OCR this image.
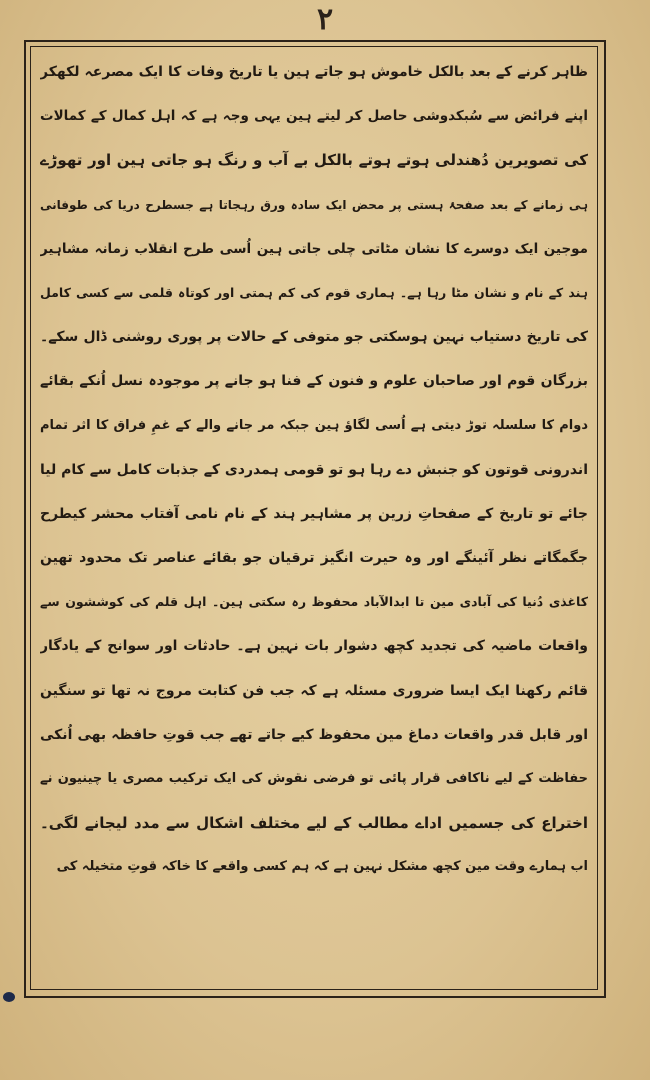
۲
ظاہر کرنے کے بعد بالکل خاموش ہو جاتے ہین یا تاریخ وفات کا ایک مصرعہ لکھکر
اپنے فرائض سے سُبکدوشی حاصل کر لیتے ہین یہی وجہ ہے کہ اہل کمال کے کمالات
کی تصویرین دُھندلی ہوتے ہوتے بالکل بے آب و رنگ ہو جاتی ہین اور تھوڑے
ہی زمانے کے بعد صفحۂ ہستی پر محض ایک سادہ ورق رہجاتا ہے جسطرح دریا کی طوفانی
موجین ایک دوسرے کا نشان مٹاتی چلی جاتی ہین اُسی طرح انقلاب زمانہ مشاہیر
ہند کے نام و نشان مٹا رہا ہے۔ ہماری قوم کی کم ہمتی اور کوتاہ قلمی سے کسی کامل
کی تاریخ دستیاب نہین ہوسکتی جو متوفی کے حالات پر پوری روشنی ڈال سکے۔
بزرگان قوم اور صاحبان علوم و فنون کے فنا ہو جانے پر موجودہ نسل اُنکے بقائے
دوام کا سلسلہ توڑ دیتی ہے اُسی لگاؤ ہین جبکہ مر جانے والے کے غمِ فراق کا اثر تمام
اندرونی قوتون کو جنبش دے رہا ہو تو قومی ہمدردی کے جذبات کامل سے کام لیا
جائے تو تاریخ کے صفحاتِ زرین پر مشاہیر ہند کے نام نامی آفتاب محشر کیطرح
جگمگاتے نظر آئینگے اور وہ حیرت انگیز ترقیان جو بقائے عناصر تک محدود تھین
کاغذی دُنیا کی آبادی مین تا ابدالآباد محفوظ رہ سکتی ہین۔ اہل قلم کی کوششون سے
واقعات ماضیہ کی تجدید کچھ دشوار بات نہین ہے۔ حادثات اور سوانح کے یادگار
قائم رکھنا ایک ایسا ضروری مسئلہ ہے کہ جب فن کتابت مروج نہ تھا تو سنگین
اور قابل قدر واقعات دماغ مین محفوظ کیے جاتے تھے جب قوتِ حافظہ بھی اُنکی
حفاظت کے لیے ناکافی قرار پائی تو فرضی نقوش کی ایک ترکیب مصری یا چینیون نے
اختراع کی جسمیں اداے مطالب کے لیے مختلف اشکال سے مدد لیجانے لگی۔
اب ہمارے وقت مین کچھ مشکل نہین ہے کہ ہم کسی واقعے کا خاکہ قوتِ متخیلہ کی
